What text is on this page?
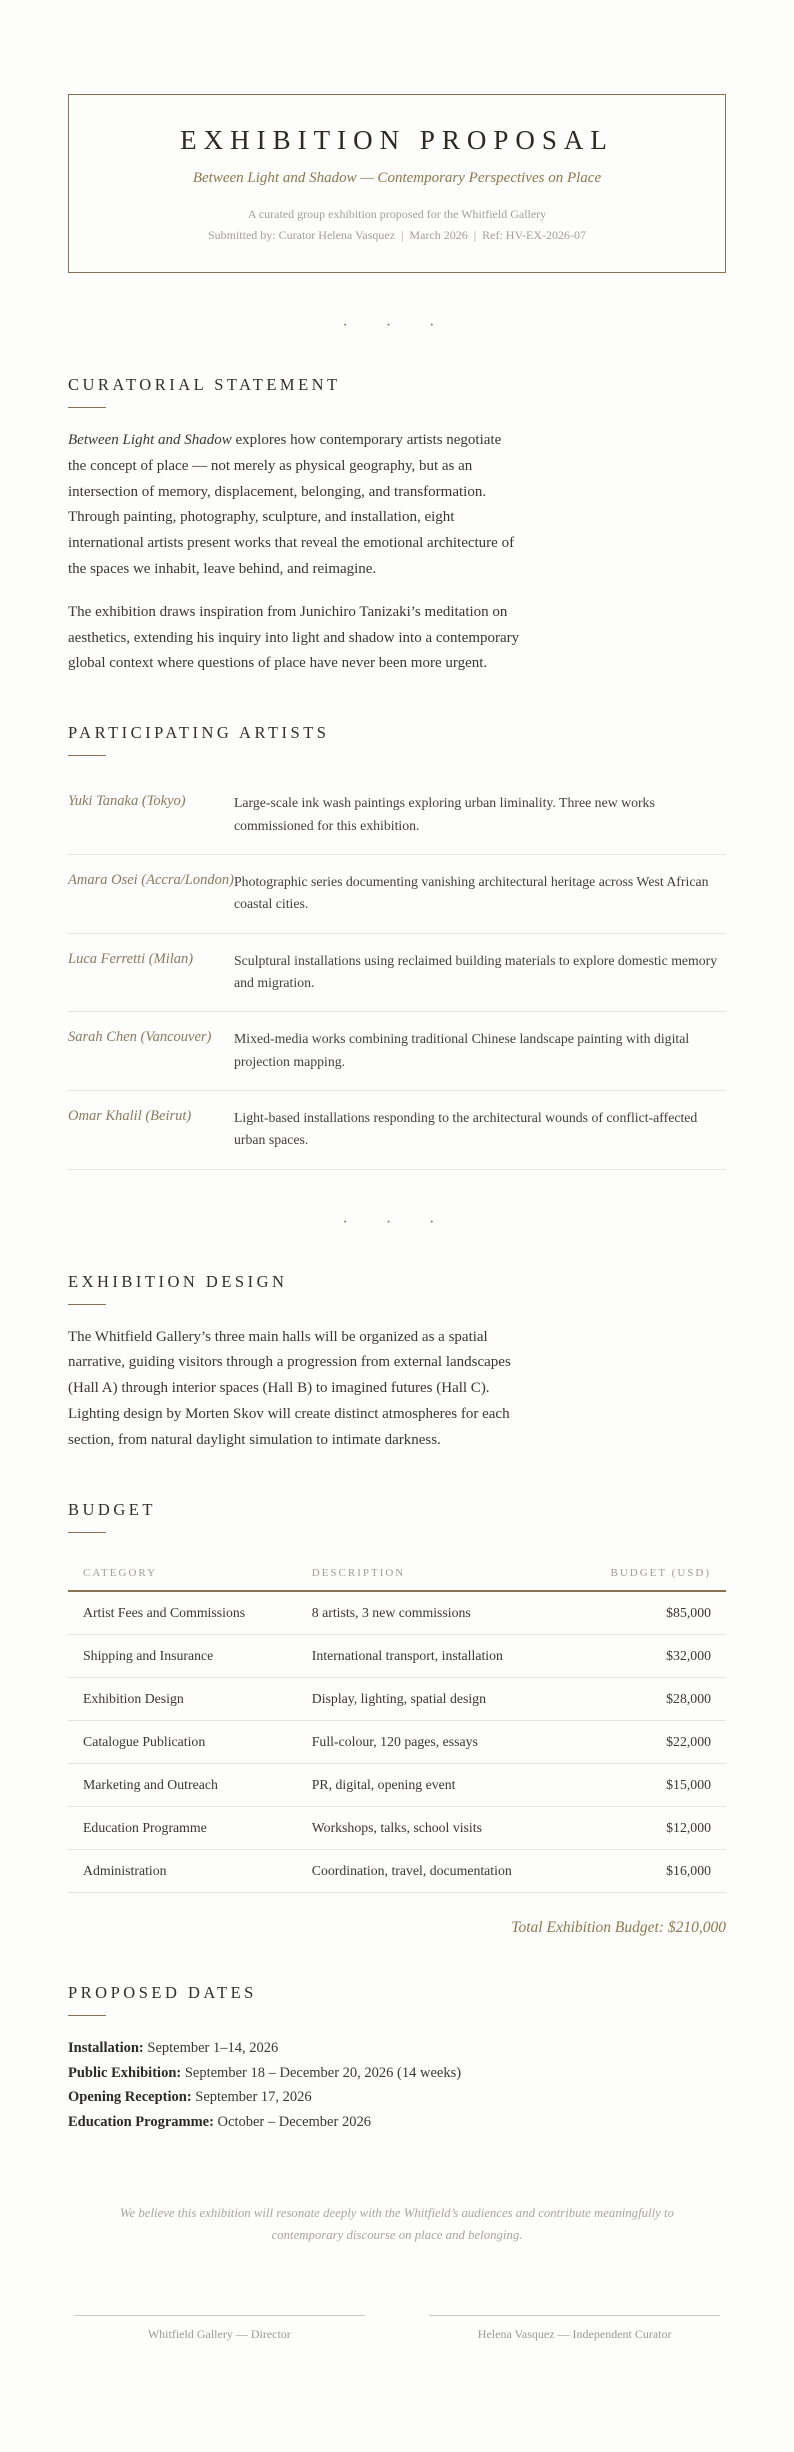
EXHIBITION PROPOSAL
Between Light and Shadow — Contemporary Perspectives on Place
A curated group exhibition proposed for the Whitfield Gallery
Submitted by: Curator Helena Vasquez  |  March 2026  |  Ref: HV-EX-2026-07
· · ·
CURATORIAL STATEMENT

Between Light and Shadow explores how contemporary artists negotiate the concept of place — not merely as physical geography, but as an intersection of memory, displacement, belonging, and transformation. Through painting, photography, sculpture, and installation, eight international artists present works that reveal the emotional architecture of the spaces we inhabit, leave behind, and reimagine.

The exhibition draws inspiration from Junichiro Tanizaki’s meditation on aesthetics, extending his inquiry into light and shadow into a contemporary global context where questions of place have never been more urgent.

PARTICIPATING ARTISTS
Yuki Tanaka (Tokyo)	Large-scale ink wash paintings exploring urban liminality. Three new works commissioned for this exhibition.
Amara Osei (Accra/London) Photographic series documenting vanishing architectural heritage across West African coastal cities.
Luca Ferretti (Milan)	Sculptural installations using reclaimed building materials to explore domestic memory and migration.
Sarah Chen (Vancouver)	Mixed-media works combining traditional Chinese landscape painting with digital projection mapping.
Omar Khalil (Beirut)	Light-based installations responding to the architectural wounds of conflict-affected urban spaces.
· · ·
EXHIBITION DESIGN

The Whitfield Gallery’s three main halls will be organized as a spatial narrative, guiding visitors through a progression from external landscapes (Hall A) through interior spaces (Hall B) to imagined futures (Hall C). Lighting design by Morten Skov will create distinct atmospheres for each section, from natural daylight simulation to intimate darkness.

BUDGET
CATEGORY	DESCRIPTION	BUDGET (USD)
Artist Fees and Commissions	8 artists, 3 new commissions	$85,000
Shipping and Insurance	International transport, installation	$32,000
Exhibition Design	Display, lighting, spatial design	$28,000
Catalogue Publication	Full-colour, 120 pages, essays	$22,000
Marketing and Outreach	PR, digital, opening event	$15,000
Education Programme	Workshops, talks, school visits	$12,000
Administration	Coordination, travel, documentation	$16,000
Total Exhibition Budget: $210,000
PROPOSED DATES
Installation: September 1–14, 2026
Public Exhibition: September 18 – December 20, 2026 (14 weeks)
Opening Reception: September 17, 2026
Education Programme: October – December 2026

We believe this exhibition will resonate deeply with the Whitfield’s audiences and contribute meaningfully to contemporary discourse on place and belonging.

Whitfield Gallery — Director	Helena Vasquez — Independent Curator
